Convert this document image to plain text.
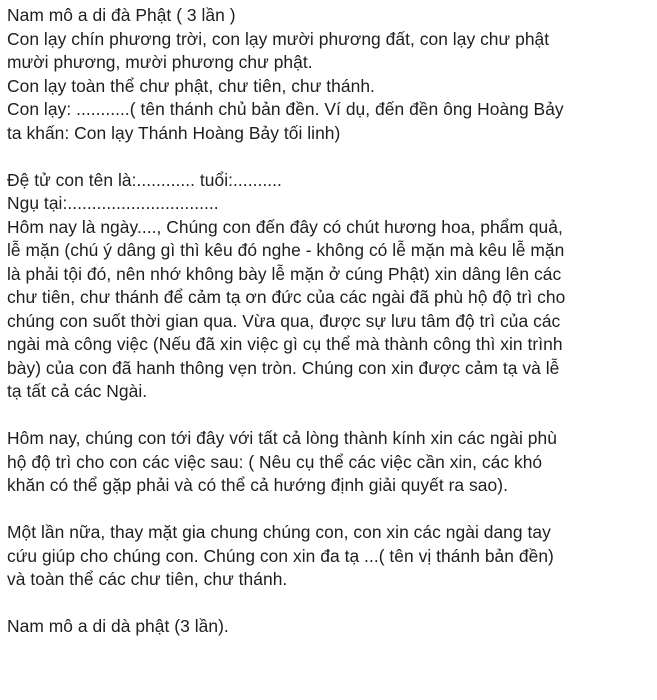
Nam mô a di đà Phật ( 3 lần )
Con lạy chín phương trời, con lạy mười phương đất, con lạy chư phật
mười phương, mười phương chư phật.
Con lạy toàn thể chư phật, chư tiên, chư thánh.
Con lạy: ...........( tên thánh chủ bản đền. Ví dụ, đến đền ông Hoàng Bảy
ta khấn: Con lạy Thánh Hoàng Bảy tối linh)
Đệ tử con tên là:............ tuổi:..........
Ngụ tại:...............................
Hôm nay là ngày...., Chúng con đến đây có chút hương hoa, phẩm quả,
lễ mặn (chú ý dâng gì thì kêu đó nghe - không có lễ mặn mà kêu lễ mặn
là phải tội đó, nên nhớ không bày lễ mặn ở cúng Phật) xin dâng lên các
chư tiên, chư thánh để cảm tạ ơn đức của các ngài đã phù hộ độ trì cho
chúng con suốt thời gian qua. Vừa qua, được sự lưu tâm độ trì của các
ngài mà công việc (Nếu đã xin việc gì cụ thể mà thành công thì xin trình
bày) của con đã hanh thông vẹn tròn. Chúng con xin được cảm tạ và lễ
tạ tất cả các Ngài.
Hôm nay, chúng con tới đây với tất cả lòng thành kính xin các ngài phù
hộ độ trì cho con các việc sau: ( Nêu cụ thể các việc cần xin, các khó
khăn có thể gặp phải và có thể cả hướng định giải quyết ra sao).
Một lần nữa, thay mặt gia chung chúng con, con xin các ngài dang tay
cứu giúp cho chúng con. Chúng con xin đa tạ ...( tên vị thánh bản đền)
và toàn thể các chư tiên, chư thánh.
Nam mô a di dà phật (3 lần).
